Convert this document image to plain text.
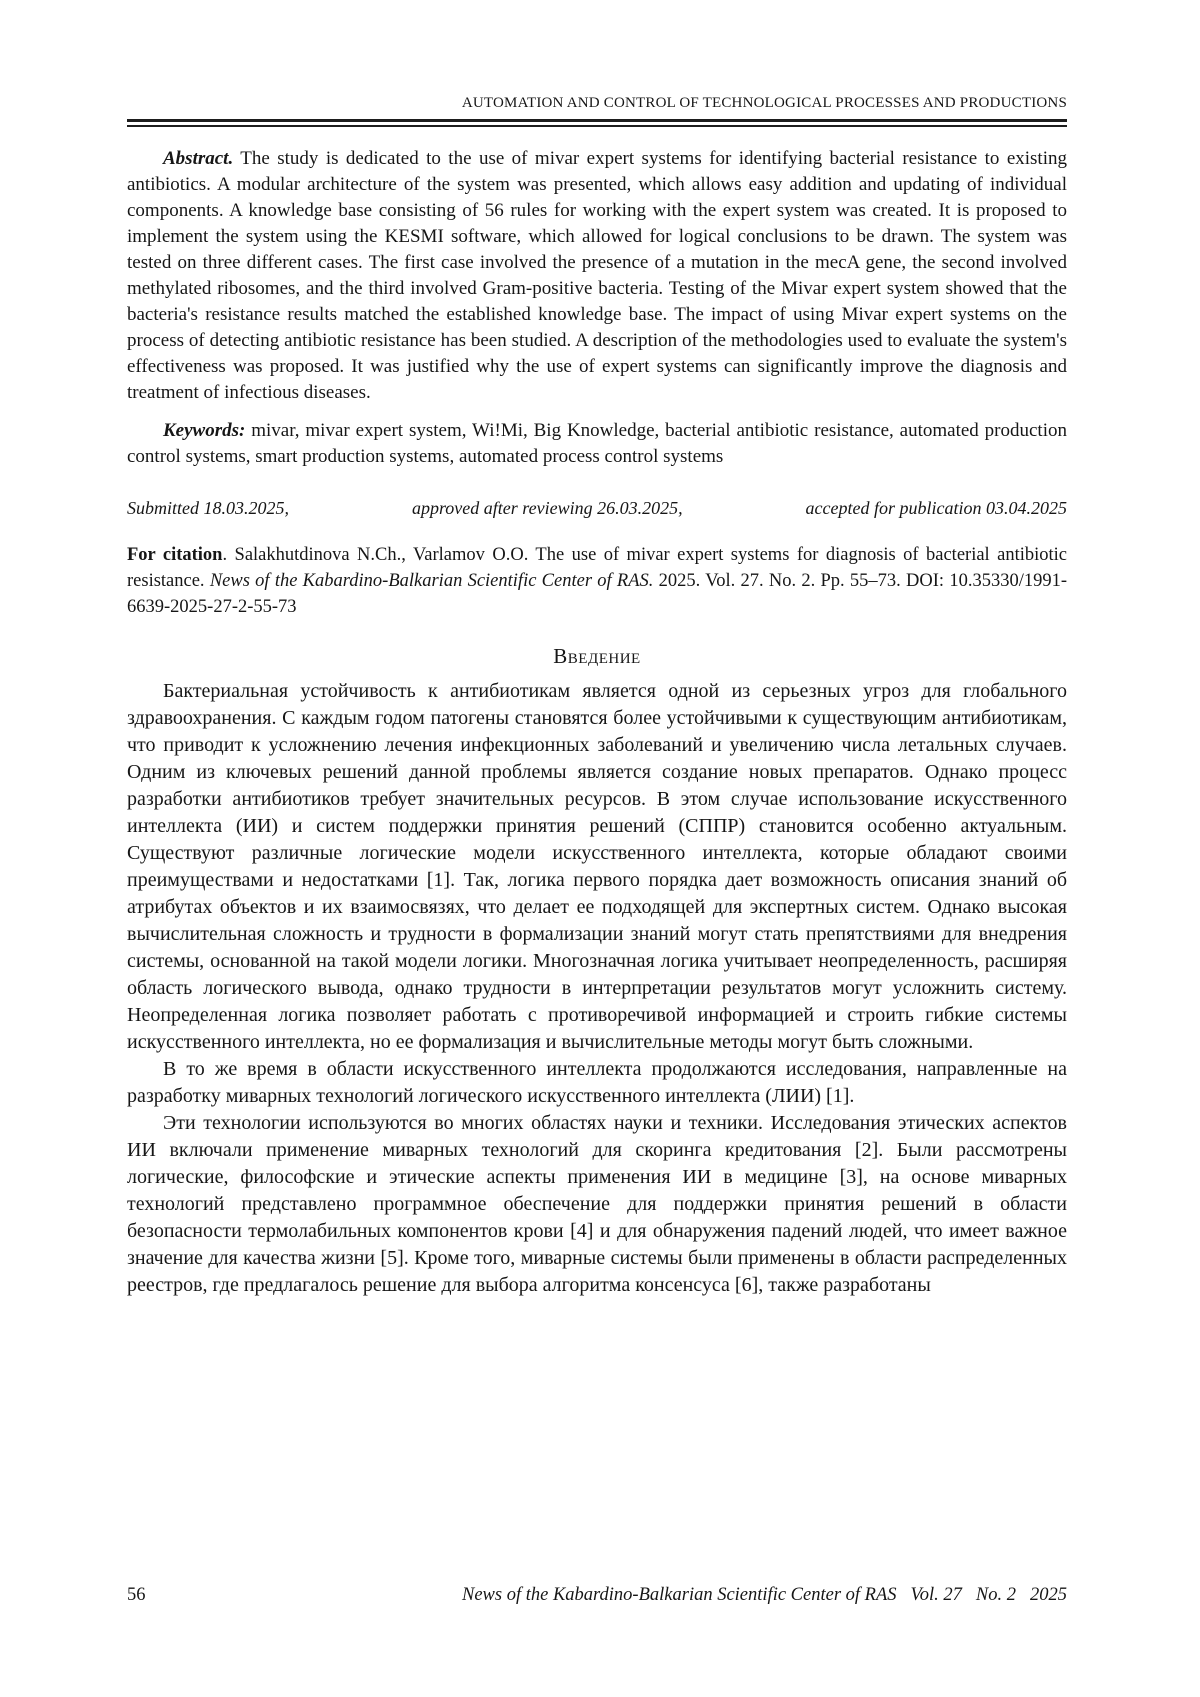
AUTOMATION AND CONTROL OF TECHNOLOGICAL PROCESSES AND PRODUCTIONS

Abstract. The study is dedicated to the use of mivar expert systems for identifying bacterial resistance to existing antibiotics. A modular architecture of the system was presented, which allows easy addition and updating of individual components. A knowledge base consisting of 56 rules for working with the expert system was created. It is proposed to implement the system using the KESMI software, which allowed for logical conclusions to be drawn. The system was tested on three different cases. The first case involved the presence of a mutation in the mecA gene, the second involved methylated ribosomes, and the third involved Gram-positive bacteria. Testing of the Mivar expert system showed that the bacteria's resistance results matched the established knowledge base. The impact of using Mivar expert systems on the process of detecting antibiotic resistance has been studied. A description of the methodologies used to evaluate the system's effectiveness was proposed. It was justified why the use of expert systems can significantly improve the diagnosis and treatment of infectious diseases.

Keywords: mivar, mivar expert system, Wi!Mi, Big Knowledge, bacterial antibiotic resistance, automated production control systems, smart production systems, automated process control systems

Submitted 18.03.2025,	approved after reviewing 26.03.2025,	accepted for publication 03.04.2025

For citation. Salakhutdinova N.Ch., Varlamov O.O. The use of mivar expert systems for diagnosis of bacterial antibiotic resistance. News of the Kabardino-Balkarian Scientific Center of RAS. 2025. Vol. 27. No. 2. Pp. 55–73. DOI: 10.35330/1991-6639-2025-27-2-55-73

Введение

Бактериальная устойчивость к антибиотикам является одной из серьезных угроз для глобального здравоохранения. С каждым годом патогены становятся более устойчивыми к существующим антибиотикам, что приводит к усложнению лечения инфекционных заболеваний и увеличению числа летальных случаев. Одним из ключевых решений данной проблемы является создание новых препаратов. Однако процесс разработки антибиотиков требует значительных ресурсов. В этом случае использование искусственного интеллекта (ИИ) и систем поддержки принятия решений (СППР) становится особенно актуальным. Существуют различные логические модели искусственного интеллекта, которые обладают своими преимуществами и недостатками [1]. Так, логика первого порядка дает возможность описания знаний об атрибутах объектов и их взаимосвязях, что делает ее подходящей для экспертных систем. Однако высокая вычислительная сложность и трудности в формализации знаний могут стать препятствиями для внедрения системы, основанной на такой модели логики. Многозначная логика учитывает неопределенность, расширяя область логического вывода, однако трудности в интерпретации результатов могут усложнить систему. Неопределенная логика позволяет работать с противоречивой информацией и строить гибкие системы искусственного интеллекта, но ее формализация и вычислительные методы могут быть сложными.

В то же время в области искусственного интеллекта продолжаются исследования, направленные на разработку миварных технологий логического искусственного интеллекта (ЛИИ) [1].

Эти технологии используются во многих областях науки и техники. Исследования этических аспектов ИИ включали применение миварных технологий для скоринга кредитования [2]. Были рассмотрены логические, философские и этические аспекты применения ИИ в медицине [3], на основе миварных технологий представлено программное обеспечение для поддержки принятия решений в области безопасности термолабильных компонентов крови [4] и для обнаружения падений людей, что имеет важное значение для качества жизни [5]. Кроме того, миварные системы были применены в области распределенных реестров, где предлагалось решение для выбора алгоритма консенсуса [6], также разработаны

56	News of the Kabardino-Balkarian Scientific Center of RAS Vol. 27 No. 2 2025
